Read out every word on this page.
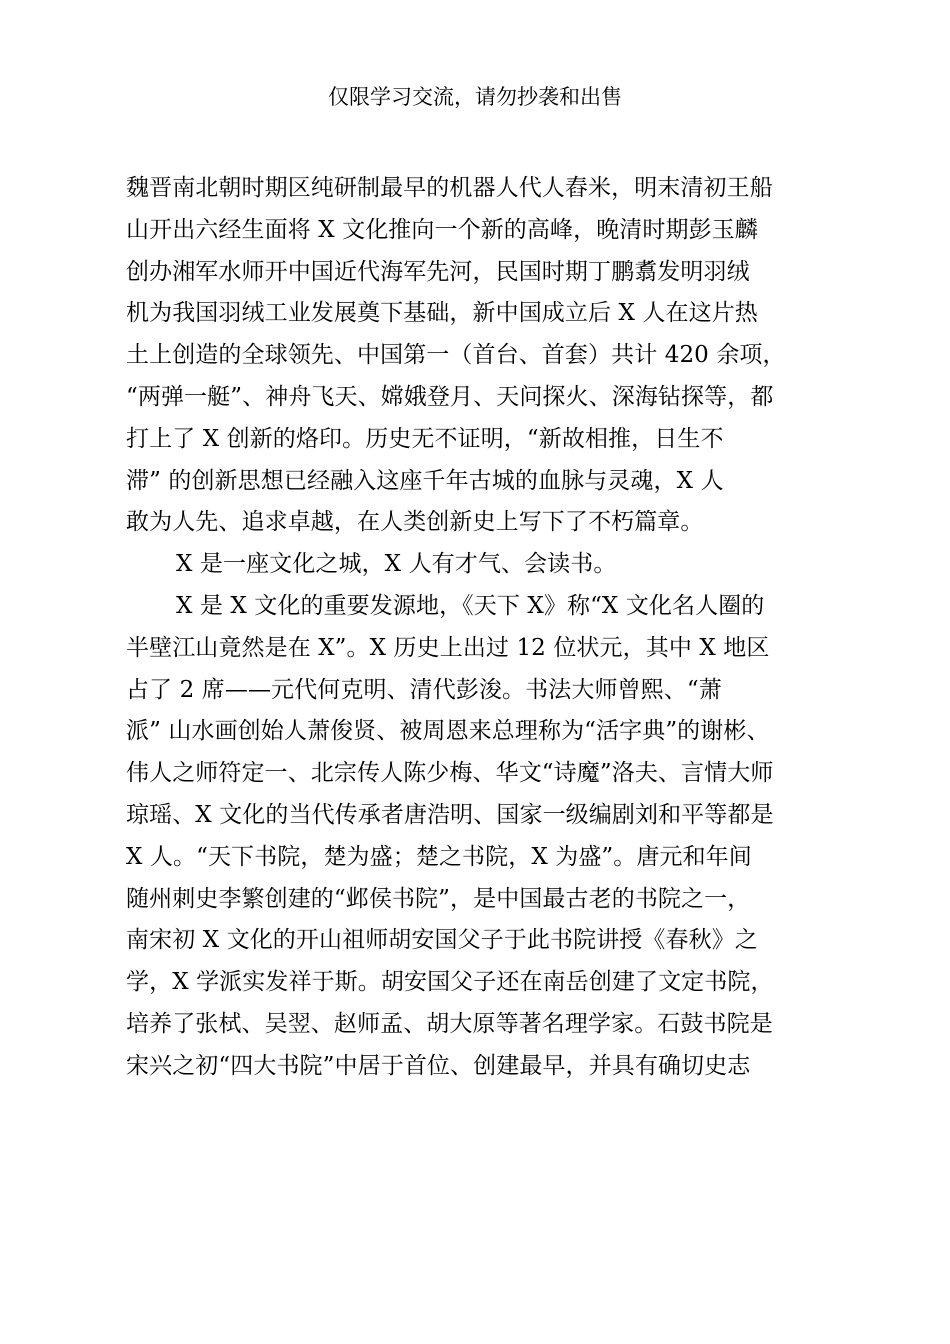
仅限学习交流，请勿抄袭和出售
魏晋南北朝时期区纯研制最早的机器人代人舂米，明末清初王船
山开出六经生面将 X 文化推向一个新的高峰，晚清时期彭玉麟
创办湘军水师开中国近代海军先河，民国时期丁鹏翥发明羽绒
机为我国羽绒工业发展奠下基础，新中国成立后 X 人在这片热
土上创造的全球领先、中国第一（首台、首套）共计 420 余项，
“两弹一艇”、神舟飞天、嫦娥登月、天问探火、深海钻探等，都
打上了 X 创新的烙印。历史无不证明，“新故相推，日生不
滞” 的创新思想已经融入这座千年古城的血脉与灵魂，X 人
敢为人先、追求卓越，在人类创新史上写下了不朽篇章。
X 是一座文化之城，X 人有才气、会读书。
X 是 X 文化的重要发源地，《天下 X》称“X 文化名人圈的
半壁江山竟然是在 X”。X 历史上出过 12 位状元，其中 X 地区
占了 2 席——元代何克明、清代彭浚。书法大师曾熙、“萧
派” 山水画创始人萧俊贤、被周恩来总理称为“活字典”的谢彬、
伟人之师符定一、北宗传人陈少梅、华文“诗魔”洛夫、言情大师
琼瑶、X 文化的当代传承者唐浩明、国家一级编剧刘和平等都是
X 人。“天下书院，楚为盛；楚之书院，X 为盛”。唐元和年间
随州刺史李繁创建的“邺侯书院”，是中国最古老的书院之一，
南宋初 X 文化的开山祖师胡安国父子于此书院讲授《春秋》之
学，X 学派实发祥于斯。胡安国父子还在南岳创建了文定书院，
培养了张栻、吴翌、赵师孟、胡大原等著名理学家。石鼓书院是
宋兴之初“四大书院”中居于首位、创建最早，并具有确切史志
